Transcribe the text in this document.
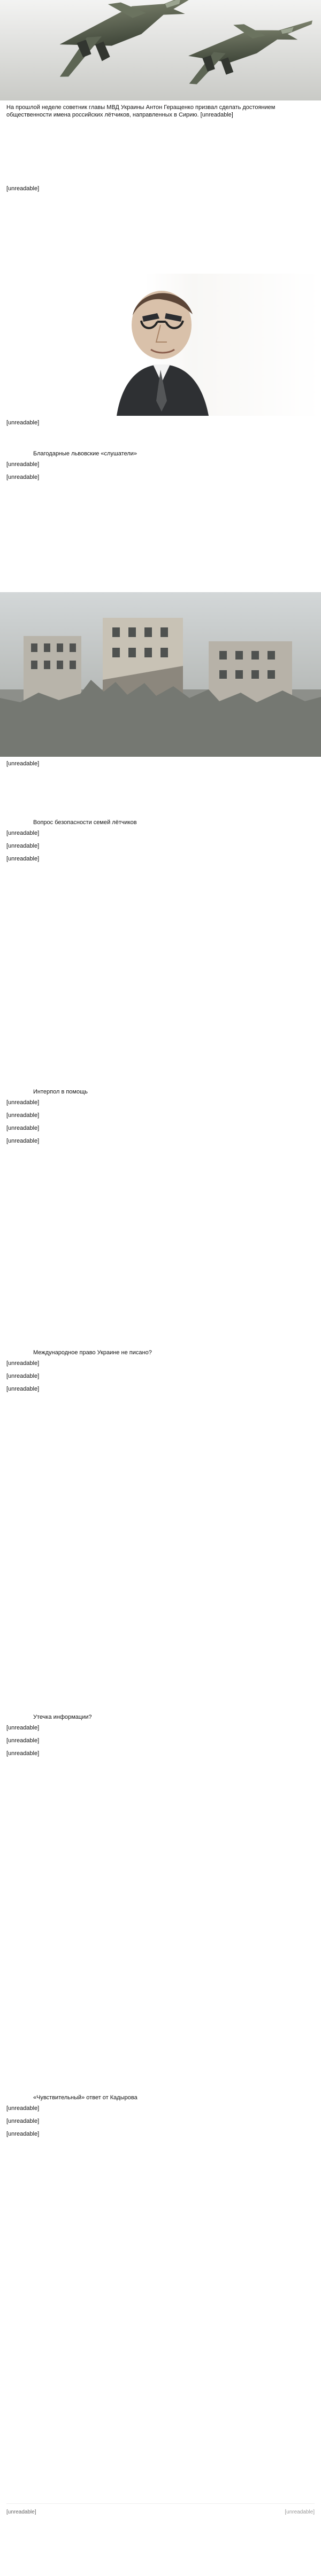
На прошлой неделе советник главы МВД Украины Антон Геращенко призвал сделать достоянием общественности имена российских лётчиков, направленных в Сирию. [unreadable]

[unreadable]

[unreadable]

Благодарные львовские «слушатели»

[unreadable]

[unreadable]

[unreadable]

Вопрос безопасности семей лётчиков

[unreadable]

[unreadable]

[unreadable]

Интерпол в помощь

[unreadable]

[unreadable]

[unreadable]

[unreadable]

Международное право Украине не писано?

[unreadable]

[unreadable]

[unreadable]

Утечка информации?

[unreadable]

[unreadable]

[unreadable]

«Чувствительный» ответ от Кадырова

[unreadable]

[unreadable]

[unreadable]

[unreadable]	[unreadable]
